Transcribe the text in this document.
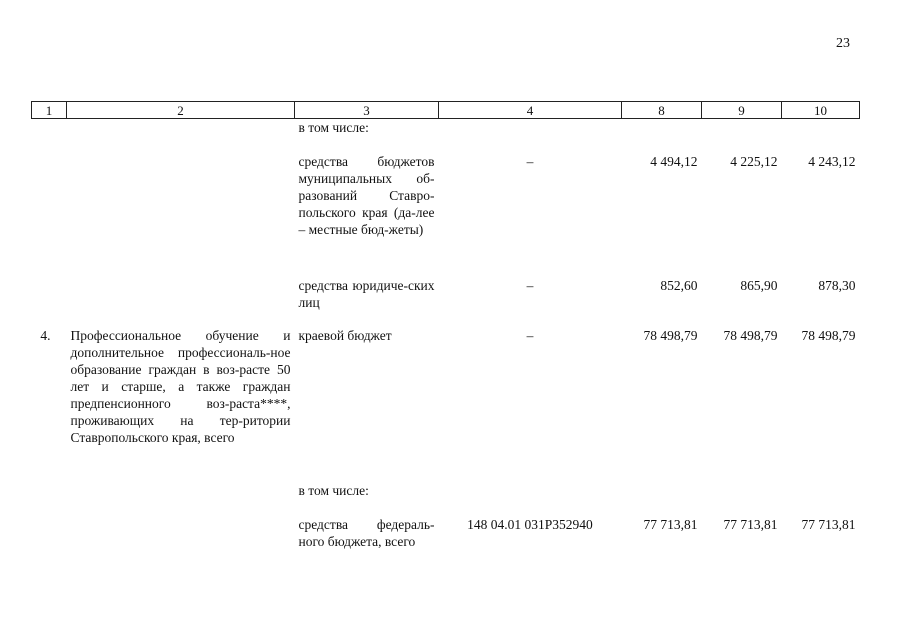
23
1	2	3	4	8	9	10
		в том числе:				
		средства бюджетов муниципальных об-разований Ставро-польского края (да-лее – местные бюд-жеты)	–	4 494,12	4 225,12	4 243,12
		средства юридиче-ских лиц	–	852,60	865,90	878,30
4.	Профессиональное обучение и дополнительное профессиональ-ное образование граждан в воз-расте 50 лет и старше, а также граждан предпенсионного воз-раста****, проживающих на тер-ритории Ставропольского края, всего	краевой бюджет	–	78 498,79	78 498,79	78 498,79
		в том числе:				
		средства федераль-ного бюджета, всего	148 04.01 031P352940	77 713,81	77 713,81	77 713,81
